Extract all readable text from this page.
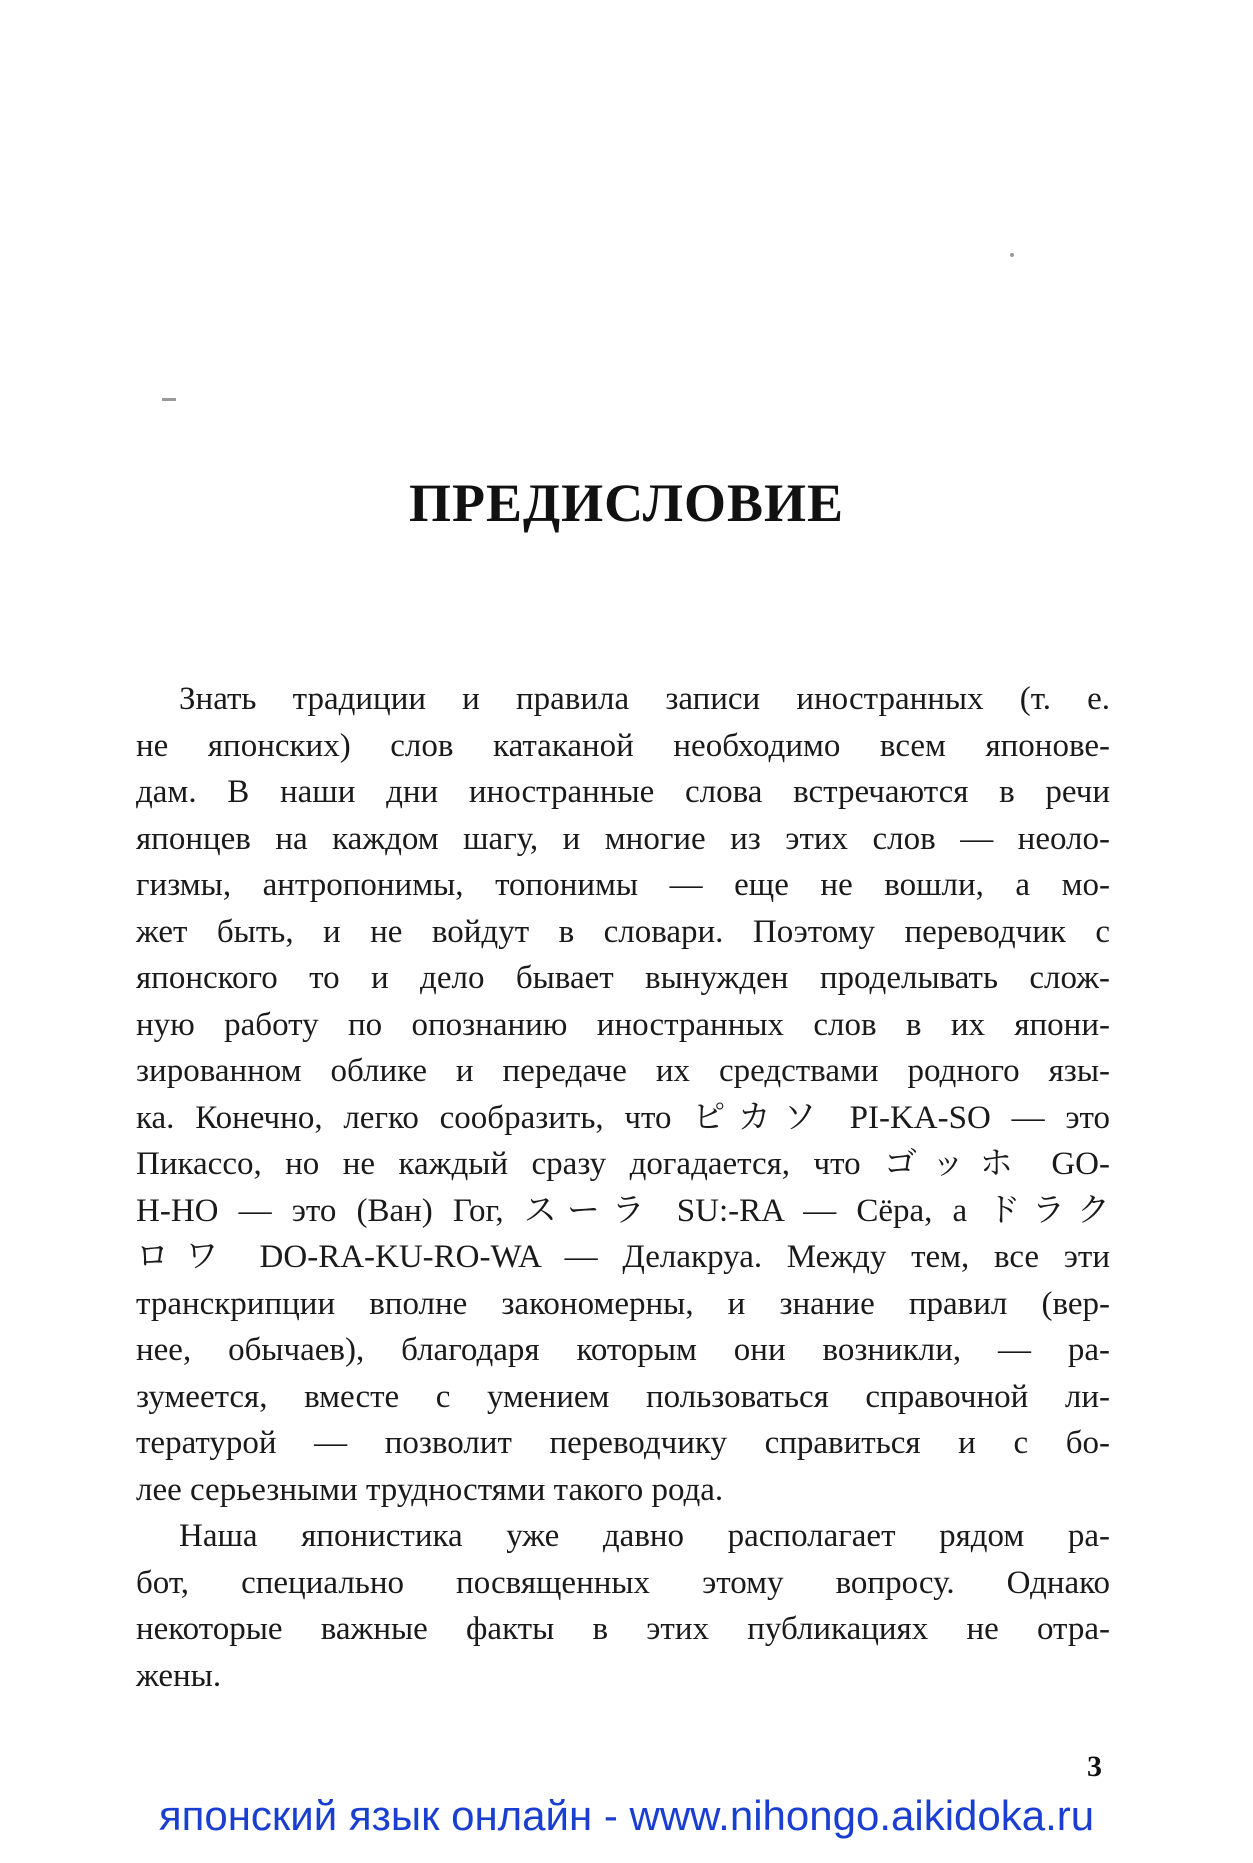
ПРЕДИСЛОВИЕ
Знать традиции и правила записи иностранных (т. е.
не японских) слов катаканой необходимо всем японове-
дам. В наши дни иностранные слова встречаются в речи
японцев на каждом шагу, и многие из этих слов — неоло-
гизмы, антропонимы, топонимы — еще не вошли, а мо-
жет быть, и не войдут в словари. Поэтому переводчик с
японского то и дело бывает вынужден проделывать слож-
ную работу по опознанию иностранных слов в их япони-
зированном облике и передаче их средствами родного язы-
ка. Конечно, легко сообразить, что ピカソ PI-KA-SO — это
Пикассо, но не каждый сразу догадается, что ゴッホ GO-
H-HO — это (Ван) Гог, スーラ SU:-RA — Сёра, а ドラク
ロワ DO-RA-KU-RO-WA — Делакруа. Между тем, все эти
транскрипции вполне закономерны, и знание правил (вер-
нее, обычаев), благодаря которым они возникли, — ра-
зумеется, вместе с умением пользоваться справочной ли-
тературой — позволит переводчику справиться и с бо-
лее серьезными трудностями такого рода.
Наша японистика уже давно располагает рядом ра-
бот, специально посвященных этому вопросу. Однако
некоторые важные факты в этих публикациях не отра-
жены.
3
японский язык онлайн - www.nihongo.aikidoka.ru
